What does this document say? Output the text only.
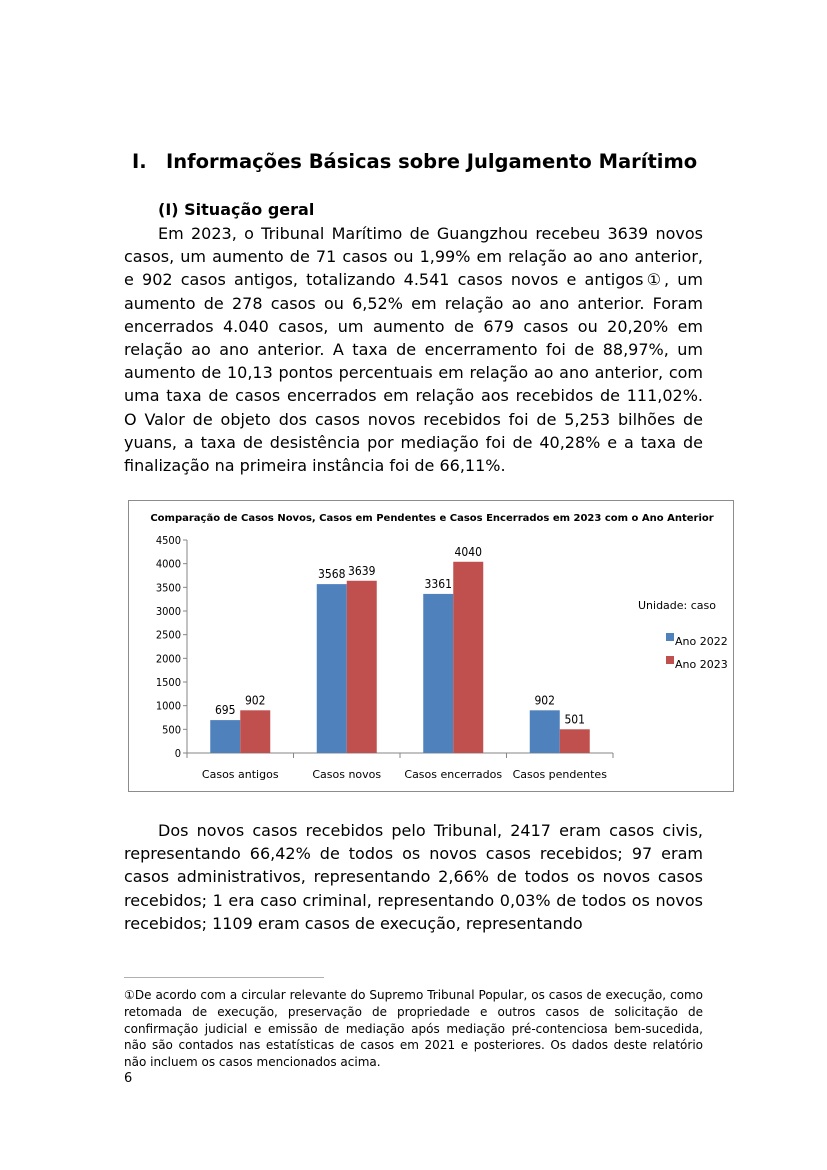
I. Informações Básicas sobre Julgamento Marítimo
(I) Situação geral

Em 2023, o Tribunal Marítimo de Guangzhou recebeu 3639 novos casos, um aumento de 71 casos ou 1,99% em relação ao ano anterior, e 902 casos antigos, totalizando 4.541 casos novos e antigos①, um aumento de 278 casos ou 6,52% em relação ao ano anterior. Foram encerrados 4.040 casos, um aumento de 679 casos ou 20,20% em relação ao ano anterior. A taxa de encerramento foi de 88,97%, um aumento de 10,13 pontos percentuais em relação ao ano anterior, com uma taxa de casos encerrados em relação aos recebidos de 111,02%. O Valor de objeto dos casos novos recebidos foi de 5,253 bilhões de yuans, a taxa de desistência por mediação foi de 40,28% e a taxa de finalização na primeira instância foi de 66,11%.

Comparação de Casos Novos, Casos em Pendentes e Casos Encerrados em 2023 com o Ano Anterior
0
500
1000
1500
2000
2500
3000
3500
4000
4500
Casos antigos
695
902
Casos novos
3568 3639
Casos encerrados
3361
4040
Casos pendentes
902
501
Unidade: caso
Ano 2022
Ano 2023

Dos novos casos recebidos pelo Tribunal, 2417 eram casos civis, representando 66,42% de todos os novos casos recebidos; 97 eram casos administrativos, representando 2,66% de todos os novos casos recebidos; 1 era caso criminal, representando 0,03% de todos os novos recebidos; 1109 eram casos de execução, representando

①De acordo com a circular relevante do Supremo Tribunal Popular, os casos de execução, como retomada de execução, preservação de propriedade e outros casos de solicitação de confirmação judicial e emissão de mediação após mediação pré-contenciosa bem-sucedida, não são contados nas estatísticas de casos em 2021 e posteriores. Os dados deste relatório não incluem os casos mencionados acima.

6
